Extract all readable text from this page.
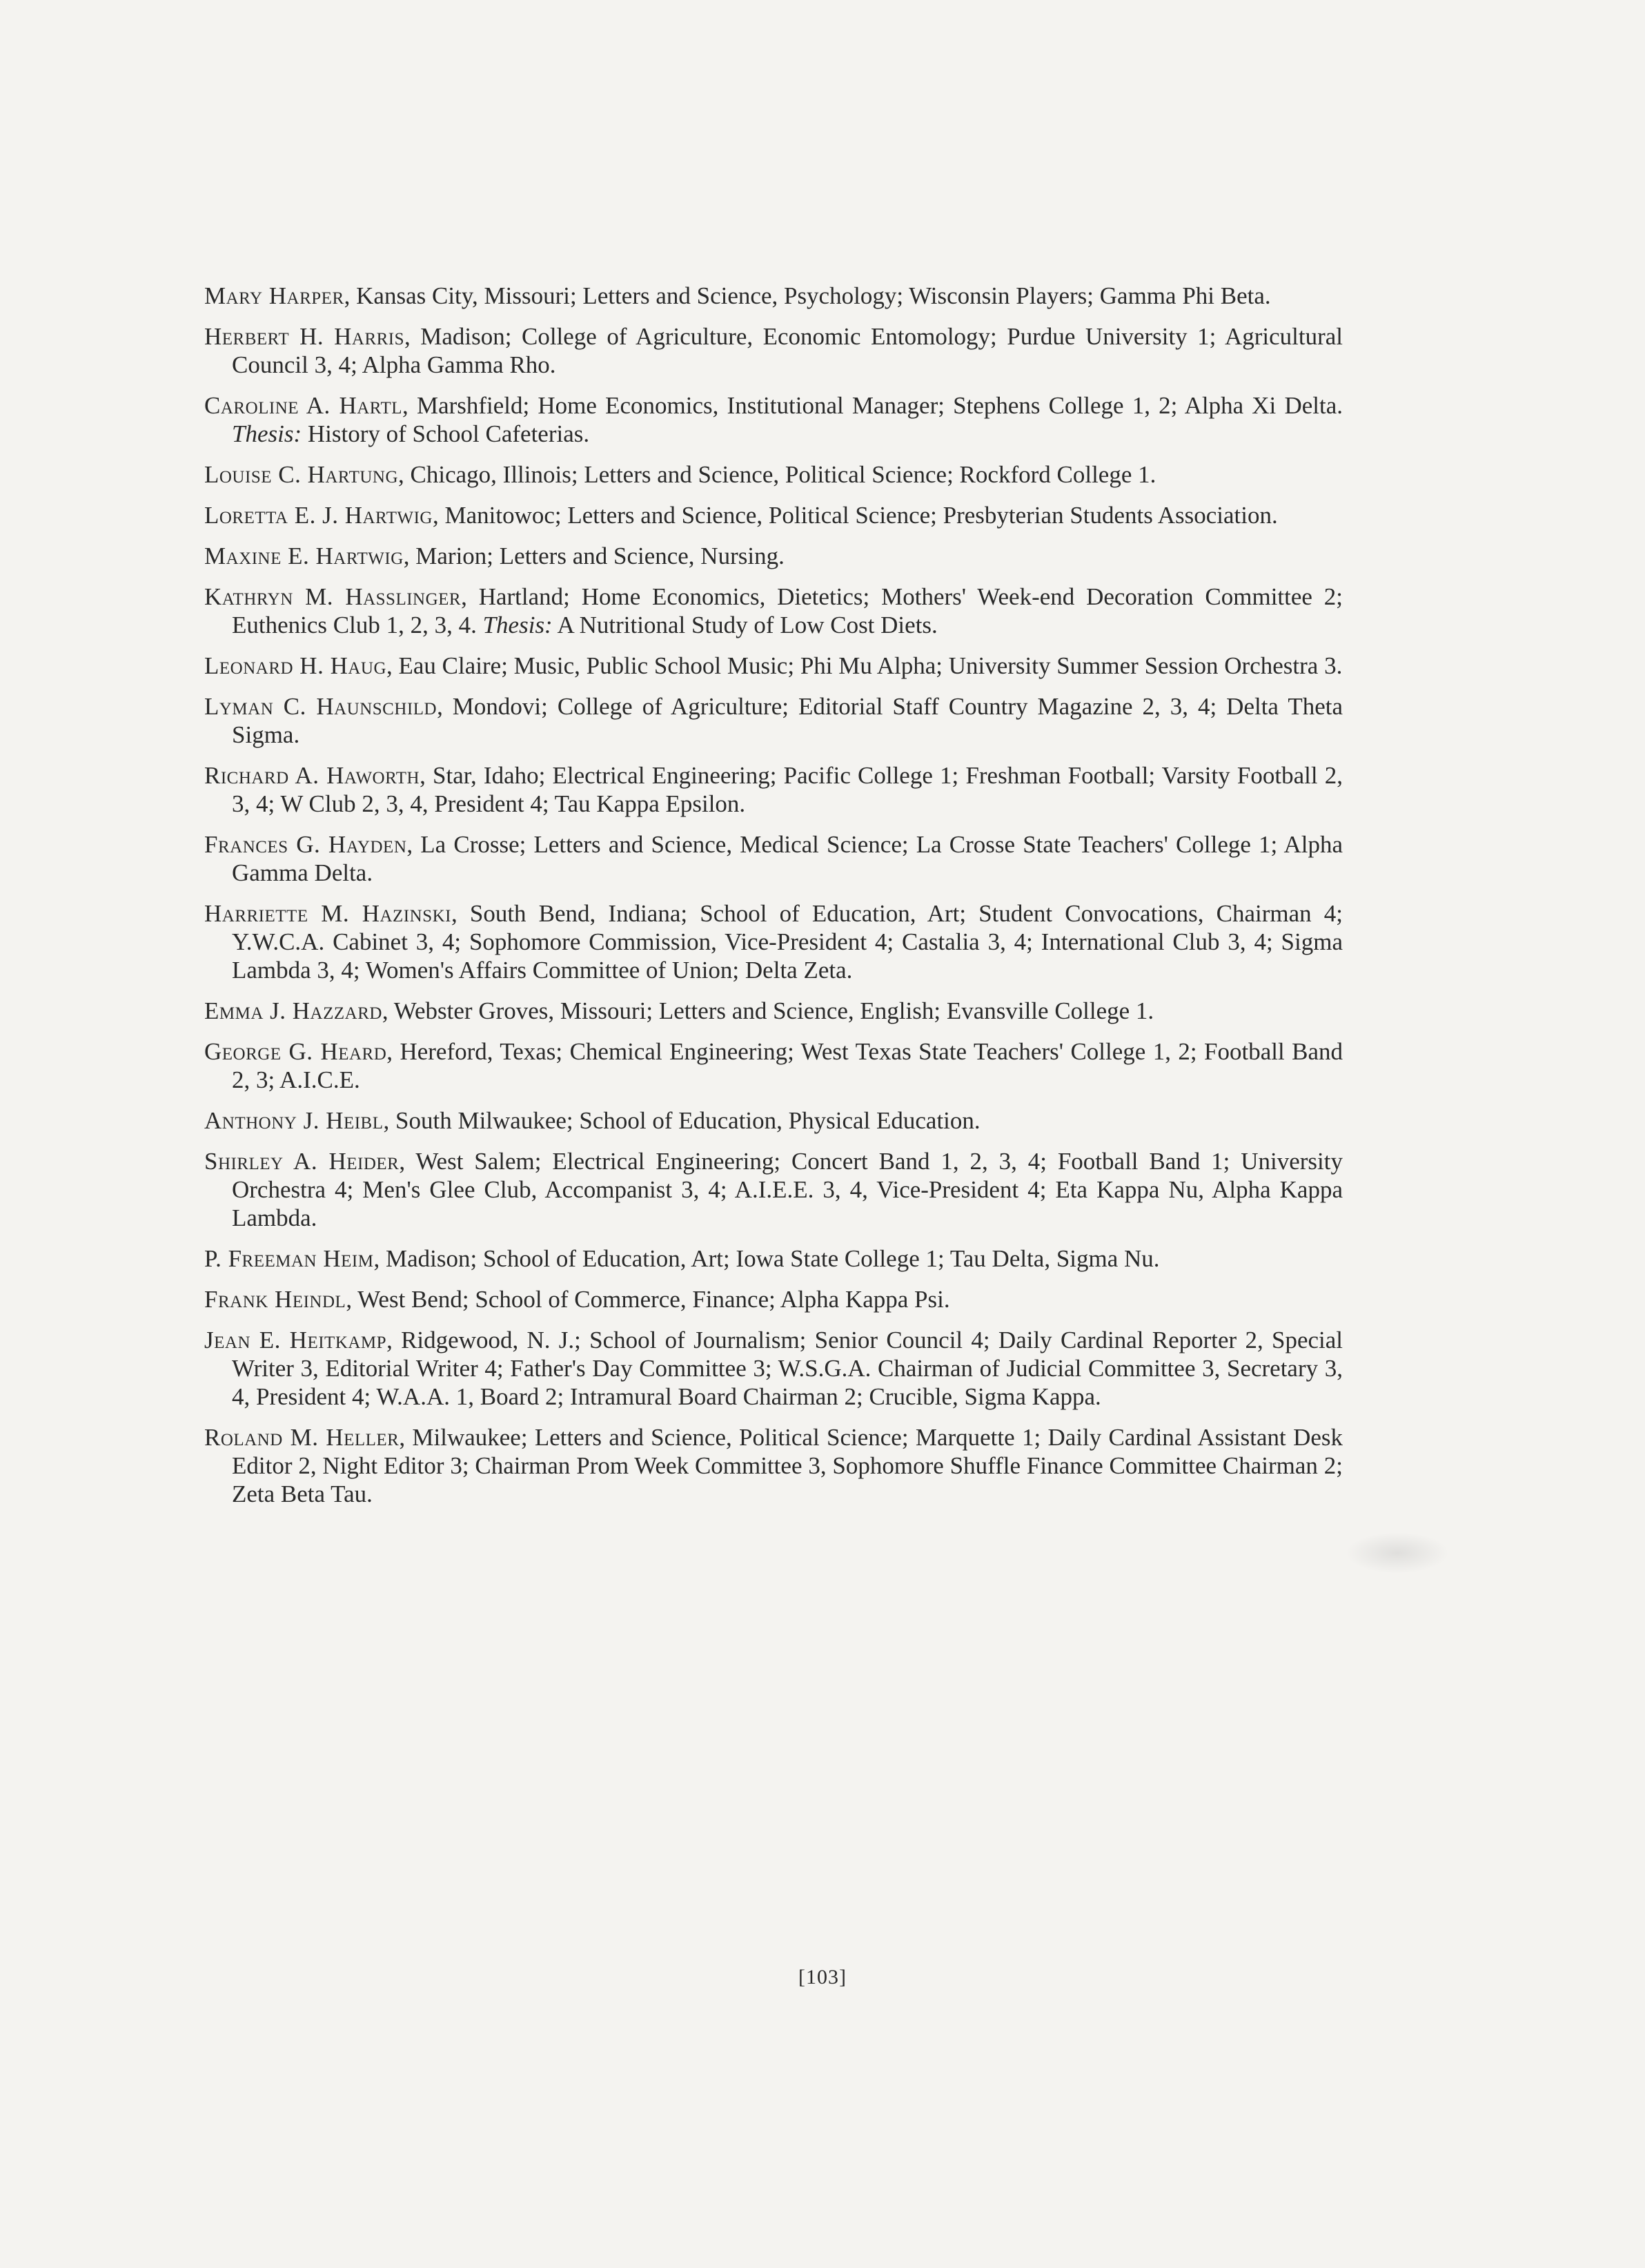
Mary Harper, Kansas City, Missouri; Letters and Science, Psychology; Wisconsin Players; Gamma Phi Beta.

Herbert H. Harris, Madison; College of Agriculture, Economic Entomology; Purdue University 1; Agricultural Council 3, 4; Alpha Gamma Rho.

Caroline A. Hartl, Marshfield; Home Economics, Institutional Manager; Stephens College 1, 2; Alpha Xi Delta. Thesis: History of School Cafeterias.

Louise C. Hartung, Chicago, Illinois; Letters and Science, Political Science; Rockford College 1.

Loretta E. J. Hartwig, Manitowoc; Letters and Science, Political Science; Presbyterian Students Association.

Maxine E. Hartwig, Marion; Letters and Science, Nursing.

Kathryn M. Hasslinger, Hartland; Home Economics, Dietetics; Mothers' Week-end Decoration Committee 2; Euthenics Club 1, 2, 3, 4. Thesis: A Nutritional Study of Low Cost Diets.

Leonard H. Haug, Eau Claire; Music, Public School Music; Phi Mu Alpha; University Summer Session Orchestra 3.

Lyman C. Haunschild, Mondovi; College of Agriculture; Editorial Staff Country Magazine 2, 3, 4; Delta Theta Sigma.

Richard A. Haworth, Star, Idaho; Electrical Engineering; Pacific College 1; Freshman Football; Varsity Football 2, 3, 4; W Club 2, 3, 4, President 4; Tau Kappa Epsilon.

Frances G. Hayden, La Crosse; Letters and Science, Medical Science; La Crosse State Teachers' College 1; Alpha Gamma Delta.

Harriette M. Hazinski, South Bend, Indiana; School of Education, Art; Student Convocations, Chairman 4; Y.W.C.A. Cabinet 3, 4; Sophomore Commission, Vice-President 4; Castalia 3, 4; International Club 3, 4; Sigma Lambda 3, 4; Women's Affairs Committee of Union; Delta Zeta.

Emma J. Hazzard, Webster Groves, Missouri; Letters and Science, English; Evansville College 1.

George G. Heard, Hereford, Texas; Chemical Engineering; West Texas State Teachers' College 1, 2; Football Band 2, 3; A.I.C.E.

Anthony J. Heibl, South Milwaukee; School of Education, Physical Education.

Shirley A. Heider, West Salem; Electrical Engineering; Concert Band 1, 2, 3, 4; Football Band 1; University Orchestra 4; Men's Glee Club, Accompanist 3, 4; A.I.E.E. 3, 4, Vice-President 4; Eta Kappa Nu, Alpha Kappa Lambda.

P. Freeman Heim, Madison; School of Education, Art; Iowa State College 1; Tau Delta, Sigma Nu.

Frank Heindl, West Bend; School of Commerce, Finance; Alpha Kappa Psi.

Jean E. Heitkamp, Ridgewood, N. J.; School of Journalism; Senior Council 4; Daily Cardinal Reporter 2, Special Writer 3, Editorial Writer 4; Father's Day Committee 3; W.S.G.A. Chairman of Judicial Committee 3, Secretary 3, 4, President 4; W.A.A. 1, Board 2; Intramural Board Chairman 2; Crucible, Sigma Kappa.

Roland M. Heller, Milwaukee; Letters and Science, Political Science; Marquette 1; Daily Cardinal Assistant Desk Editor 2, Night Editor 3; Chairman Prom Week Committee 3, Sophomore Shuffle Finance Committee Chairman 2; Zeta Beta Tau.

[103]
